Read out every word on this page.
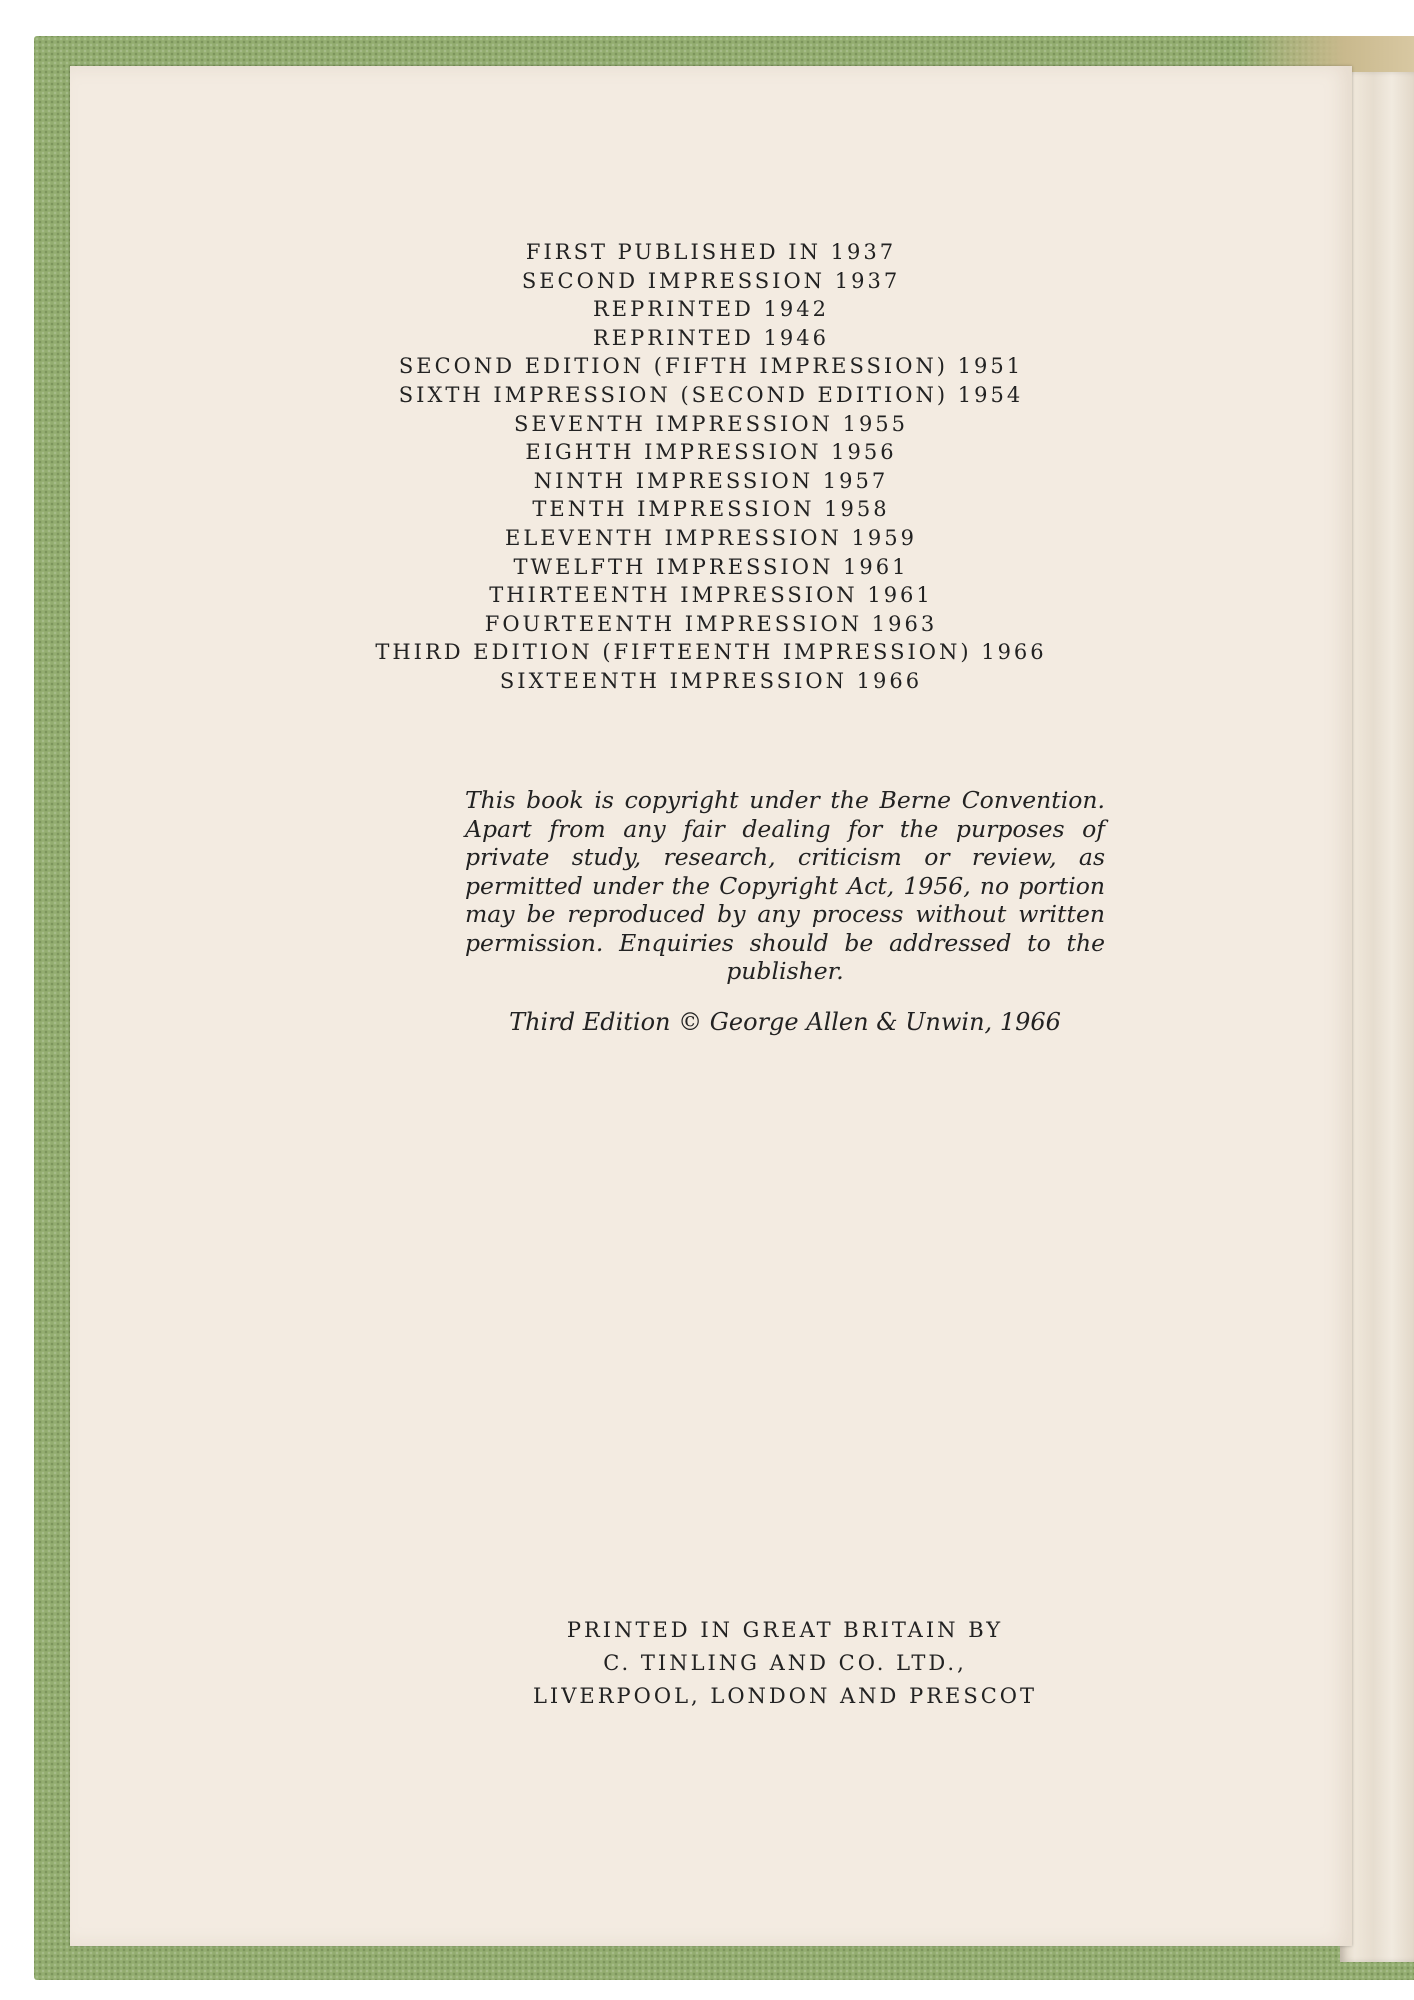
FIRST PUBLISHED IN 1937
SECOND IMPRESSION 1937
REPRINTED 1942
REPRINTED 1946
SECOND EDITION (FIFTH IMPRESSION) 1951
SIXTH IMPRESSION (SECOND EDITION) 1954
SEVENTH IMPRESSION 1955
EIGHTH IMPRESSION 1956
NINTH IMPRESSION 1957
TENTH IMPRESSION 1958
ELEVENTH IMPRESSION 1959
TWELFTH IMPRESSION 1961
THIRTEENTH IMPRESSION 1961
FOURTEENTH IMPRESSION 1963
THIRD EDITION (FIFTEENTH IMPRESSION) 1966
SIXTEENTH IMPRESSION 1966

This book is copyright under the Berne Convention. Apart from any fair dealing for the purposes of private study, research, criticism or review, as permitted under the Copyright Act, 1956, no portion may be reproduced by any process without written permission. Enquiries should be addressed to the publisher.

Third Edition © George Allen & Unwin, 1966

PRINTED IN GREAT BRITAIN BY
C. TINLING AND CO. LTD.,
LIVERPOOL, LONDON AND PRESCOT
